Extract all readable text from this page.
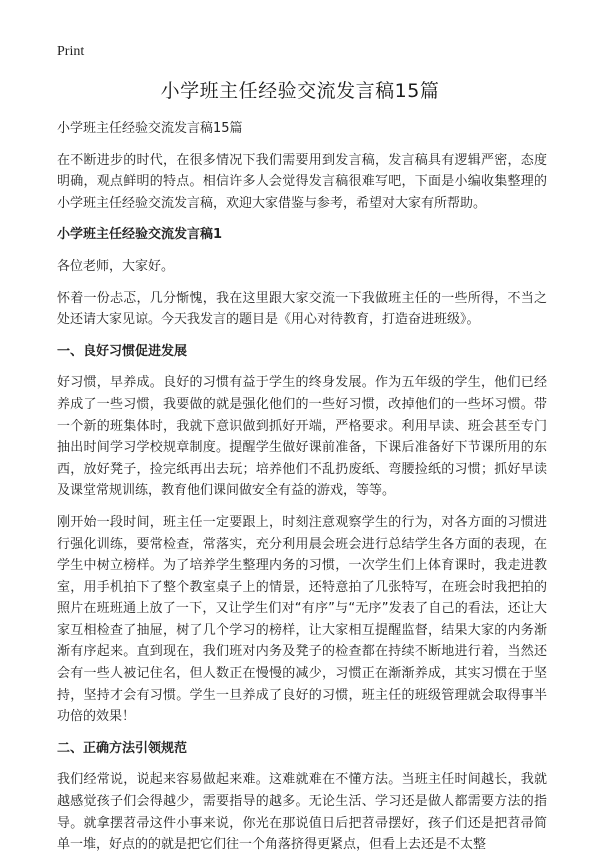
Print
小学班主任经验交流发言稿15篇

小学班主任经验交流发言稿15篇

在不断进步的时代，在很多情况下我们需要用到发言稿，发言稿具有逻辑严密，态度明确，观点鲜明的特点。相信许多人会觉得发言稿很难写吧，下面是小编收集整理的小学班主任经验交流发言稿，欢迎大家借鉴与参考，希望对大家有所帮助。

小学班主任经验交流发言稿1

各位老师，大家好。

怀着一份忐忑，几分惭愧，我在这里跟大家交流一下我做班主任的一些所得，不当之处还请大家见谅。今天我发言的题目是《用心对待教育，打造奋进班级》。

一、良好习惯促进发展

好习惯，早养成。良好的习惯有益于学生的终身发展。作为五年级的学生，他们已经养成了一些习惯，我要做的就是强化他们的一些好习惯，改掉他们的一些坏习惯。带一个新的班集体时，我就下意识做到抓好开端，严格要求。利用早读、班会甚至专门抽出时间学习学校规章制度。提醒学生做好课前准备，下课后准备好下节课所用的东西，放好凳子，捡完纸再出去玩；培养他们不乱扔废纸、弯腰捡纸的习惯；抓好早读及课堂常规训练，教育他们课间做安全有益的游戏，等等。

刚开始一段时间，班主任一定要跟上，时刻注意观察学生的行为，对各方面的习惯进行强化训练，要常检查，常落实，充分利用晨会班会进行总结学生各方面的表现，在学生中树立榜样。为了培养学生整理内务的习惯，一次学生们上体育课时，我走进教室，用手机拍下了整个教室桌子上的情景，还特意拍了几张特写，在班会时我把拍的照片在班班通上放了一下，又让学生们对“有序”与“无序”发表了自己的看法，还让大家互相检查了抽屉，树了几个学习的榜样，让大家相互提醒监督，结果大家的内务渐渐有序起来。直到现在，我们班对内务及凳子的检查都在持续不断地进行着，当然还会有一些人被记住名，但人数正在慢慢的减少，习惯正在渐渐养成，其实习惯在于坚持，坚持才会有习惯。学生一旦养成了良好的习惯，班主任的班级管理就会取得事半功倍的效果！

二、正确方法引领规范

我们经常说，说起来容易做起来难。这难就难在不懂方法。当班主任时间越长，我就越感觉孩子们会得越少，需要指导的越多。无论生活、学习还是做人都需要方法的指导。就拿摆苕帚这件小事来说，你光在那说值日后把苕帚摆好，孩子们还是把苕帚简单一堆，好点的的就是把它们往一个角落挤得更紧点，但看上去还是不太整
